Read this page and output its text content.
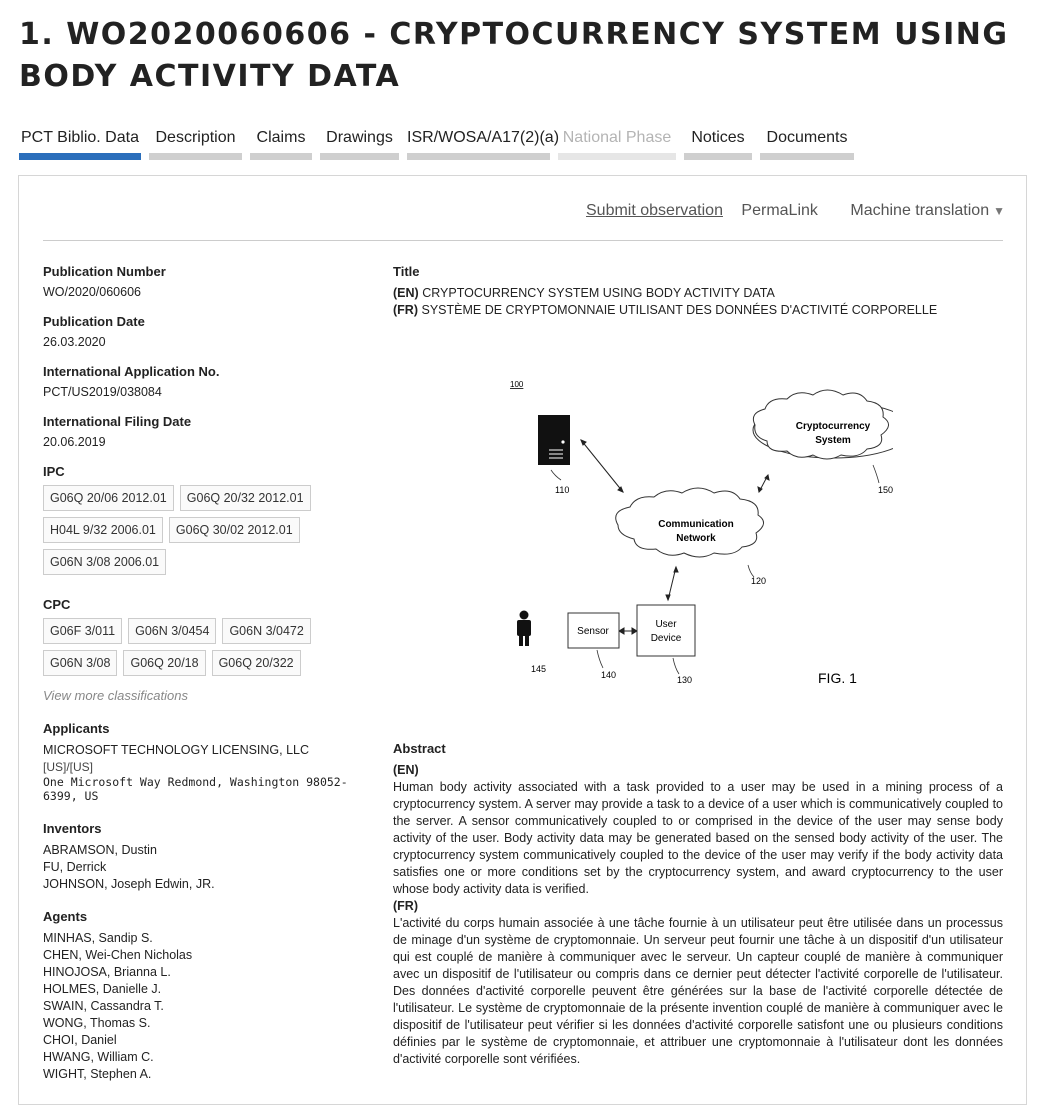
1. WO2020060606 - CRYPTOCURRENCY SYSTEM USING BODY ACTIVITY DATA
PCT Biblio. Data	Description	Claims	Drawings ISR/WOSA/A17(2)(a) National Phase	Notices	Documents
Submit observation PermaLink Machine translation ▼
Publication Number
WO/2020/060606
Publication Date
26.03.2020
International Application No.
PCT/US2019/038084
International Filing Date
20.06.2019
IPC
G06Q 20/06 2012.01	G06Q 20/32 2012.01
H04L 9/32 2006.01	G06Q 30/02 2012.01
G06N 3/08 2006.01
CPC
G06F 3/011	G06N 3/0454	G06N 3/0472
G06N 3/08	G06Q 20/18	G06Q 20/322
View more classifications
Applicants
MICROSOFT TECHNOLOGY LICENSING, LLC
[US]/[US]
One Microsoft Way Redmond, Washington 98052-6399, US
Inventors
ABRAMSON, Dustin
FU, Derrick
JOHNSON, Joseph Edwin, JR.
Agents
MINHAS, Sandip S.
CHEN, Wei-Chen Nicholas
HINOJOSA, Brianna L.
HOLMES, Danielle J.
SWAIN, Cassandra T.
WONG, Thomas S.
CHOI, Daniel
HWANG, William C.
WIGHT, Stephen A.
Title
(EN) CRYPTOCURRENCY SYSTEM USING BODY ACTIVITY DATA
(FR) SYSTÈME DE CRYPTOMONNAIE UTILISANT DES DONNÉES D'ACTIVITÉ CORPORELLE
100
110
Cryptocurrency
System
150
Communication
Network
120
145
Sensor
140
User
Device
130	FIG. 1
Abstract
(EN)
Human body activity associated with a task provided to a user may be used in a mining process of a cryptocurrency system. A server may provide a task to a device of a user which is communicatively coupled to the server. A sensor communicatively coupled to or comprised in the device of the user may sense body activity of the user. Body activity data may be generated based on the sensed body activity of the user. The cryptocurrency system communicatively coupled to the device of the user may verify if the body activity data satisfies one or more conditions set by the cryptocurrency system, and award cryptocurrency to the user whose body activity data is verified.
(FR)
L'activité du corps humain associée à une tâche fournie à un utilisateur peut être utilisée dans un processus de minage d'un système de cryptomonnaie. Un serveur peut fournir une tâche à un dispositif d'un utilisateur qui est couplé de manière à communiquer avec le serveur. Un capteur couplé de manière à communiquer avec un dispositif de l'utilisateur ou compris dans ce dernier peut détecter l'activité corporelle de l'utilisateur. Des données d'activité corporelle peuvent être générées sur la base de l'activité corporelle détectée de l'utilisateur. Le système de cryptomonnaie de la présente invention couplé de manière à communiquer avec le dispositif de l'utilisateur peut vérifier si les données d'activité corporelle satisfont une ou plusieurs conditions définies par le système de cryptomonnaie, et attribuer une cryptomonnaie à l'utilisateur dont les données d'activité corporelle sont vérifiées.
